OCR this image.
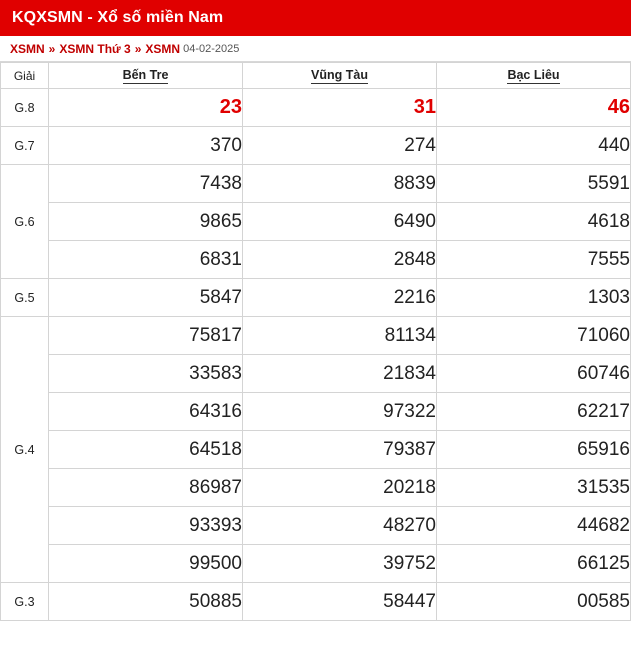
KQXSMN - Xổ số miền Nam
XSMN » XSMN Thứ 3 » XSMN 04-02-2025
Giải	Bến Tre	Vũng Tàu	Bạc Liêu
G.8	23	31	46
G.7	370	274	440
G.6	7438	8839	5591
	9865	6490	4618
	6831	2848	7555
G.5	5847	2216	1303
G.4	75817	81134	71060
	33583	21834	60746
	64316	97322	62217
	64518	79387	65916
	86987	20218	31535
	93393	48270	44682
	99500	39752	66125
G.3	50885	58447	00585
